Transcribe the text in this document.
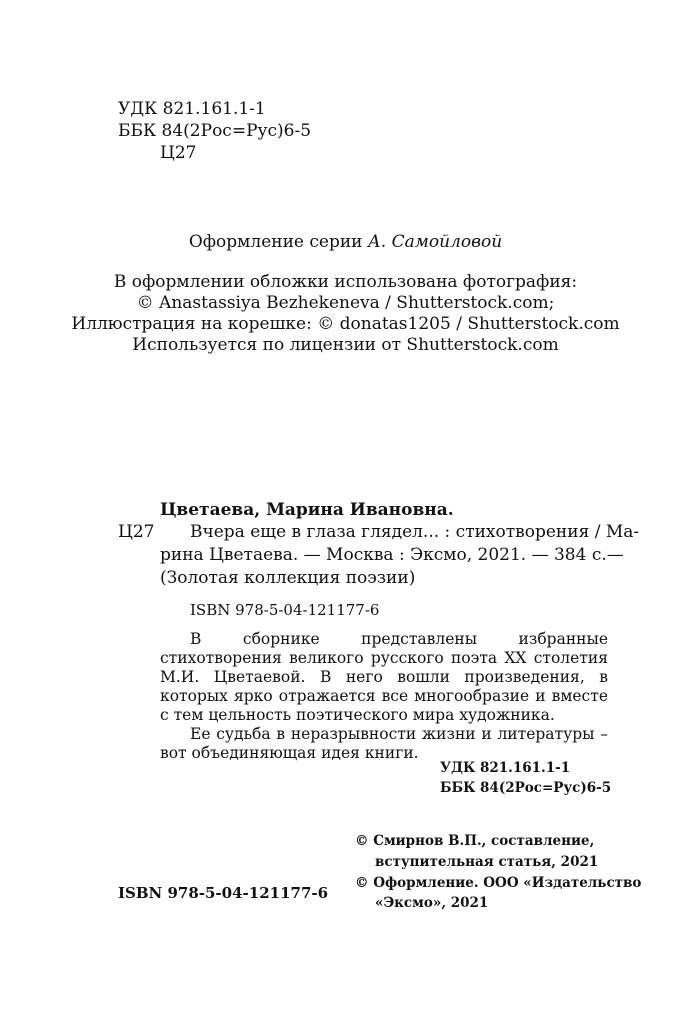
УДК 821.161.1-1
ББК 84(2Рос=Рус)6-5
Ц27
Оформление серии А. Самойловой
В оформлении обложки использована фотография:
© Anastassiya Bezhekeneva / Shutterstock.com;
Иллюстрация на корешке: © donatas1205 / Shutterstock.com
Используется по лицензии от Shutterstock.com
Цветаева, Марина Ивановна.
Ц27 Вчера еще в глаза глядел... : стихотворения / Ма-
рина Цветаева. — Москва : Эксмо, 2021. — 384 с.—
(Золотая коллекция поэзии)
ISBN 978-5-04-121177-6
В сборнике представлены избранные стихотворения великого русского поэта XX столетия М.И. Цветаевой. В него вошли произведения, в которых ярко отражается все многообразие и вместе с тем цельность поэтического мира художника.
Ее судьба в неразрывности жизни и литературы – вот объединяющая идея книги.
УДК 821.161.1-1
ББК 84(2Рос=Рус)6-5
© Смирнов В.П., составление,
вступительная статья, 2021
© Оформление. ООО «Издательство
«Эксмо», 2021
ISBN 978-5-04-121177-6
